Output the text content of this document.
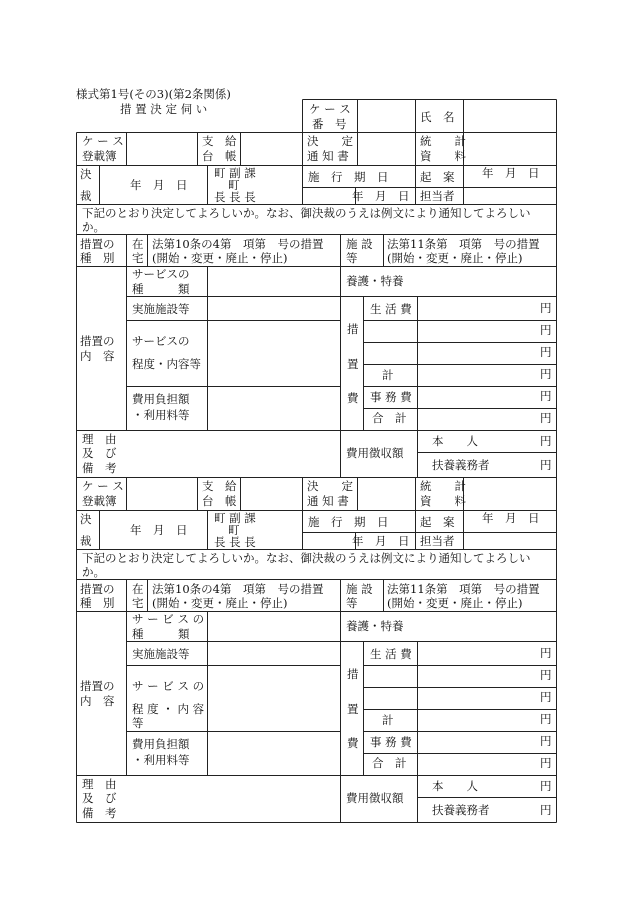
様式第1号(その3)(第2条関係)
措 置 決 定 伺 い	ケ ー ス
番　号	氏　名
ケ ー ス
登載簿
支　給
台　帳
決　　定
通 知 書
統　　計
資　　料
決
裁
年　月　日
町 副 課
町
長 長 長
施　行　期　日
年　月　日
起　案 年　月　日
担当者
下記のとおり決定してよろしいか。なお、御決裁のうえは例文により通知してよろしいか。
措置の
種　別
在 宅
法第10条の4第　項第　号の措置
(開始・変更・廃止・停止)
施 設 等
法第11条第　項第　号の措置
(開始・変更・廃止・停止)
措置の
内　容
サービスの
種　　　類
実施施設等
サービスの
程度・内容等
費用負担額
・利用料等
養護・特養
措
置
費
生 活 費
計
事 務 費
合　計
円
円
円
円
円
円
理　由
及　び
備　考
費用徴収額
本　　人
扶養義務者
円
円
ケ ー ス
登載簿
支　給
台　帳
決　　定
通 知 書
統　　計
資　　料
決
裁
年　月　日
町 副 課
町
長 長 長
施　行　期　日
年　月　日
起　案 年　月　日
担当者
下記のとおり決定してよろしいか。なお、御決裁のうえは例文により通知してよろしいか。
措置の
種　別
在 宅
法第10条の4第　項第　号の措置
(開始・変更・廃止・停止)
施 設 等
法第11条第　項第　号の措置
(開始・変更・廃止・停止)
措置の
内　容
サ ー ビ ス の
種　　　類
実施施設等
サ ー ビ ス の
程 度 ・ 内 容 等
費用負担額
・利用料等
養護・特養
措
置
費
生 活 費
計
事 務 費
合　計
円
円
円
円
円
円
理　由
及　び
備　考
費用徴収額
本　　人
扶養義務者
円
円
